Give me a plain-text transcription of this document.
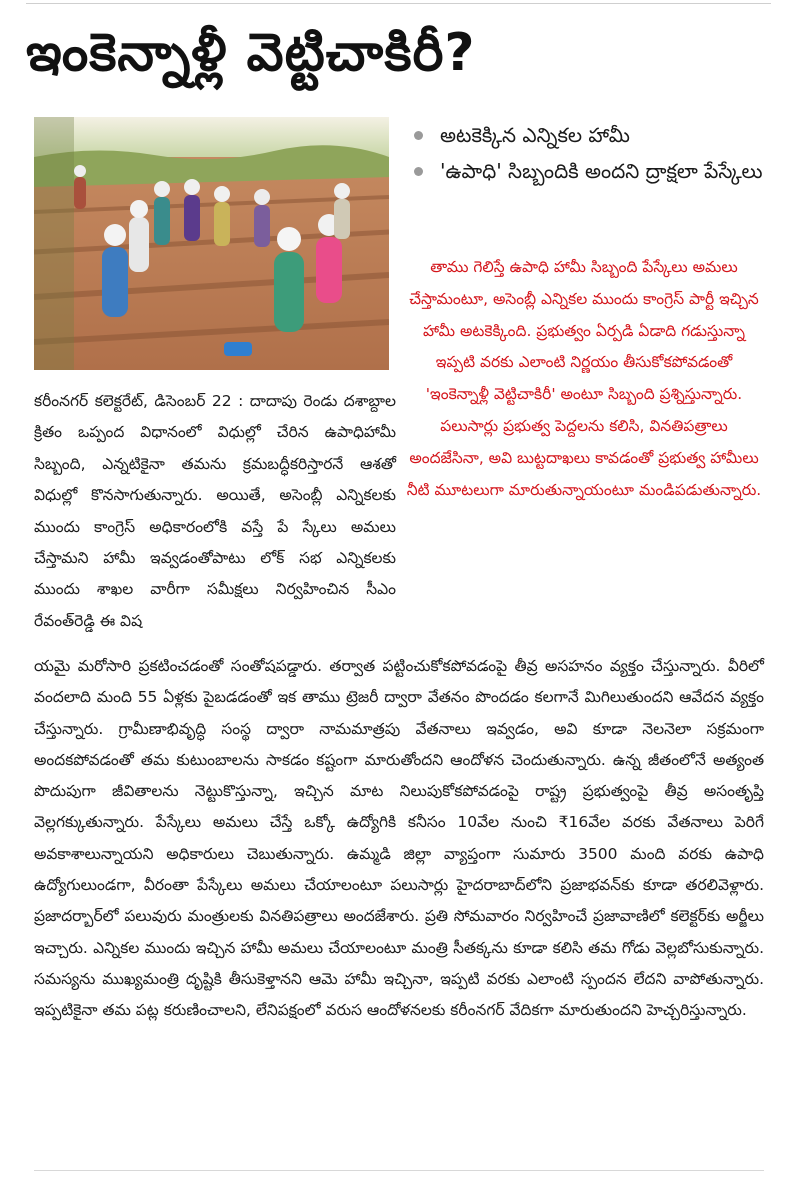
ఇంకెన్నాళ్లీ వెట్టిచాకిరీ?
అటకెక్కిన ఎన్నికల హామీ
'ఉపాధి' సిబ్బందికి అందని ద్రాక్షలా పేస్కేలు

తాము గెలిస్తే ఉపాధి హామీ సిబ్బంది పేస్కేలు అమలు చేస్తామంటూ, అసెంబ్లీ ఎన్నికల ముందు కాంగ్రెస్ పార్టీ ఇచ్చిన హామీ అటకెక్కింది. ప్రభుత్వం ఏర్పడి ఏడాది గడుస్తున్నా ఇప్పటి వరకు ఎలాంటి నిర్ణయం తీసుకోకపోవడంతో 'ఇంకెన్నాళ్లీ వెట్టిచాకిరీ' అంటూ సిబ్బంది ప్రశ్నిస్తున్నారు. పలుసార్లు ప్రభుత్వ పెద్దలను కలిసి, వినతిపత్రాలు అందజేసినా, అవి బుట్టదాఖలు కావడంతో ప్రభుత్వ హామీలు నీటి మూటలుగా మారుతున్నాయంటూ మండిపడుతున్నారు.

కరీంనగర్ కలెక్టరేట్, డిసెంబర్ 22 : దాదాపు రెండు దశాబ్దాల క్రితం ఒప్పంద విధానంలో విధుల్లో చేరిన ఉపాధిహామీ సిబ్బంది, ఎన్నటికైనా తమను క్రమబద్ధీకరిస్తారనే ఆశతో విధుల్లో కొనసాగుతున్నారు. అయితే, అసెంబ్లీ ఎన్నికలకు ముందు కాంగ్రెస్ అధికారంలోకి వస్తే పే స్కేలు అమలు చేస్తామని హామీ ఇవ్వడంతోపాటు లోక్ సభ ఎన్నికలకు ముందు శాఖల వారీగా సమీక్షలు నిర్వహించిన సీఎం రేవంత్‌రెడ్డి ఈ విష

యమై మరోసారి ప్రకటించడంతో సంతోషపడ్డారు. తర్వాత పట్టించుకోకపోవడంపై తీవ్ర అసహనం వ్యక్తం చేస్తున్నారు. వీరిలో వందలాది మంది 55 ఏళ్లకు పైబడడంతో ఇక తాము ట్రెజరీ ద్వారా వేతనం పొందడం కలగానే మిగిలుతుందని ఆవేదన వ్యక్తం చేస్తున్నారు. గ్రామీణాభివృద్ధి సంస్థ ద్వారా నామమాత్రపు వేతనాలు ఇవ్వడం, అవి కూడా నెలనెలా సక్రమంగా అందకపోవడంతో తమ కుటుంబాలను సాకడం కష్టంగా మారుతోందని ఆందోళన చెందుతున్నారు. ఉన్న జీతంలోనే అత్యంత పొదుపుగా జీవితాలను నెట్టుకొస్తున్నా, ఇచ్చిన మాట నిలుపుకోకపోవడంపై రాష్ట్ర ప్రభుత్వంపై తీవ్ర అసంతృప్తి వెల్లగక్కుతున్నారు. పేస్కేలు అమలు చేస్తే ఒక్కో ఉద్యోగికి కనీసం 10వేల నుంచి ₹16వేల వరకు వేతనాలు పెరిగే అవకాశాలున్నాయని అధికారులు చెబుతున్నారు. ఉమ్మడి జిల్లా వ్యాప్తంగా సుమారు 3500 మంది వరకు ఉపాధి ఉద్యోగులుండగా, వీరంతా పేస్కేలు అమలు చేయాలంటూ పలుసార్లు హైదరాబాద్‌లోని ప్రజాభవన్‌కు కూడా తరలివెళ్లారు. ప్రజాదర్బార్‌లో పలువురు మంత్రులకు వినతిపత్రాలు అందజేశారు. ప్రతి సోమవారం నిర్వహించే ప్రజావాణిలో కలెక్టర్‌కు అర్జీలు ఇచ్చారు. ఎన్నికల ముందు ఇచ్చిన హామీ అమలు చేయాలంటూ మంత్రి సీతక్కను కూడా కలిసి తమ గోడు వెల్లబోసుకున్నారు. సమస్యను ముఖ్యమంత్రి దృష్టికి తీసుకెళ్తానని ఆమె హామీ ఇచ్చినా, ఇప్పటి వరకు ఎలాంటి స్పందన లేదని వాపోతున్నారు. ఇప్పటికైనా తమ పట్ల కరుణించాలని, లేనిపక్షంలో వరుస ఆందోళనలకు కరీంనగర్ వేదికగా మారుతుందని హెచ్చరిస్తున్నారు.
